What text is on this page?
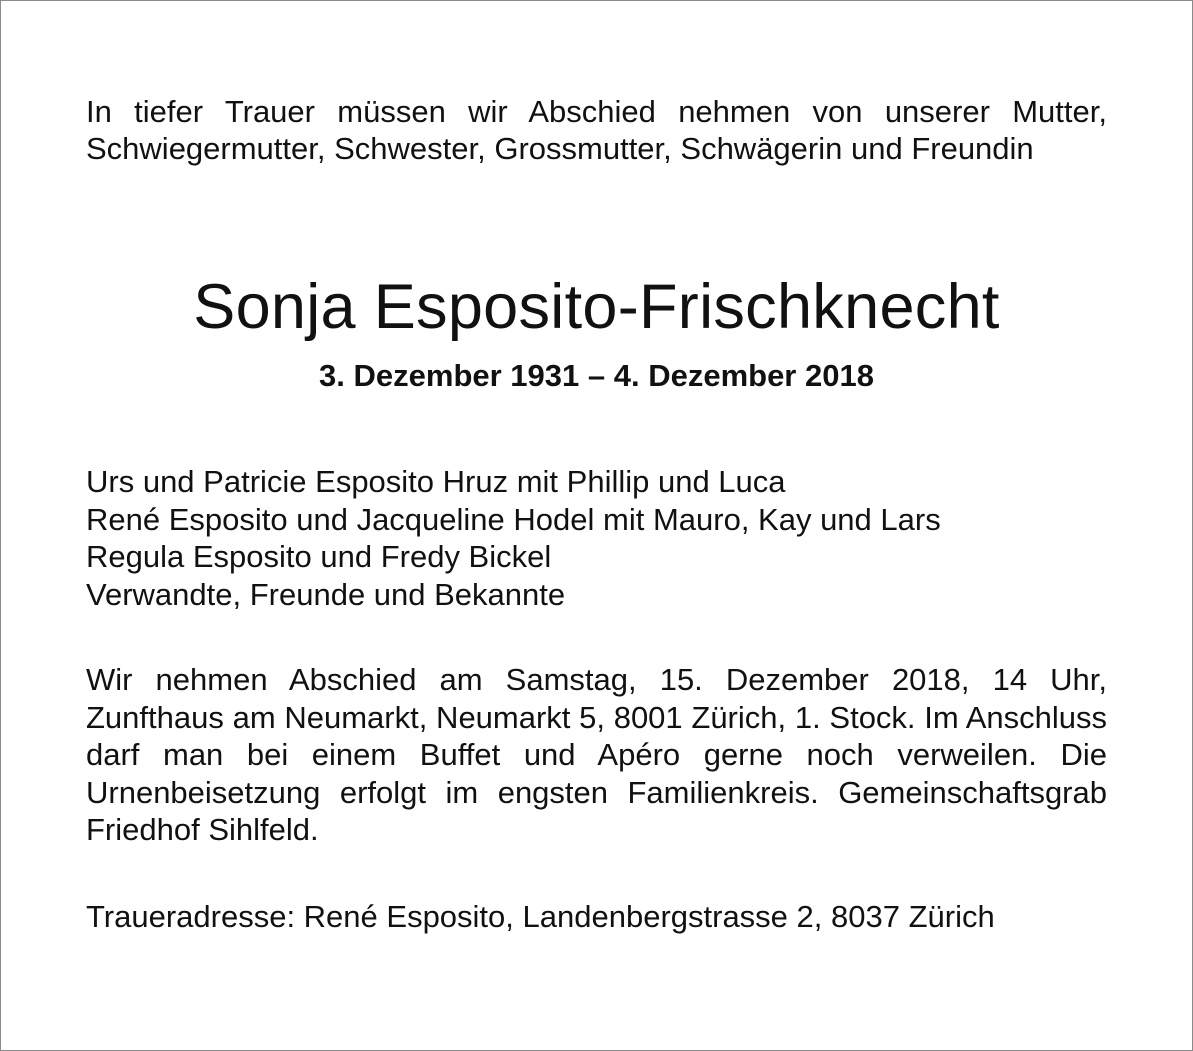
In tiefer Trauer müssen wir Abschied nehmen von unserer Mutter, Schwiegermutter, Schwester, Grossmutter, Schwägerin und Freundin

Sonja Esposito-Frischknecht

3. Dezember 1931 – 4. Dezember 2018

Urs und Patricie Esposito Hruz mit Phillip und Luca
René Esposito und Jacqueline Hodel mit Mauro, Kay und Lars
Regula Esposito und Fredy Bickel
Verwandte, Freunde und Bekannte

Wir nehmen Abschied am Samstag, 15. Dezember 2018, 14 Uhr, Zunfthaus am Neumarkt, Neumarkt 5, 8001 Zürich, 1. Stock. Im Anschluss darf man bei einem Buffet und Apéro gerne noch verweilen. Die Urnenbeisetzung erfolgt im engsten Familienkreis. Gemeinschaftsgrab Friedhof Sihlfeld.

Traueradresse: René Esposito, Landenbergstrasse 2, 8037 Zürich
